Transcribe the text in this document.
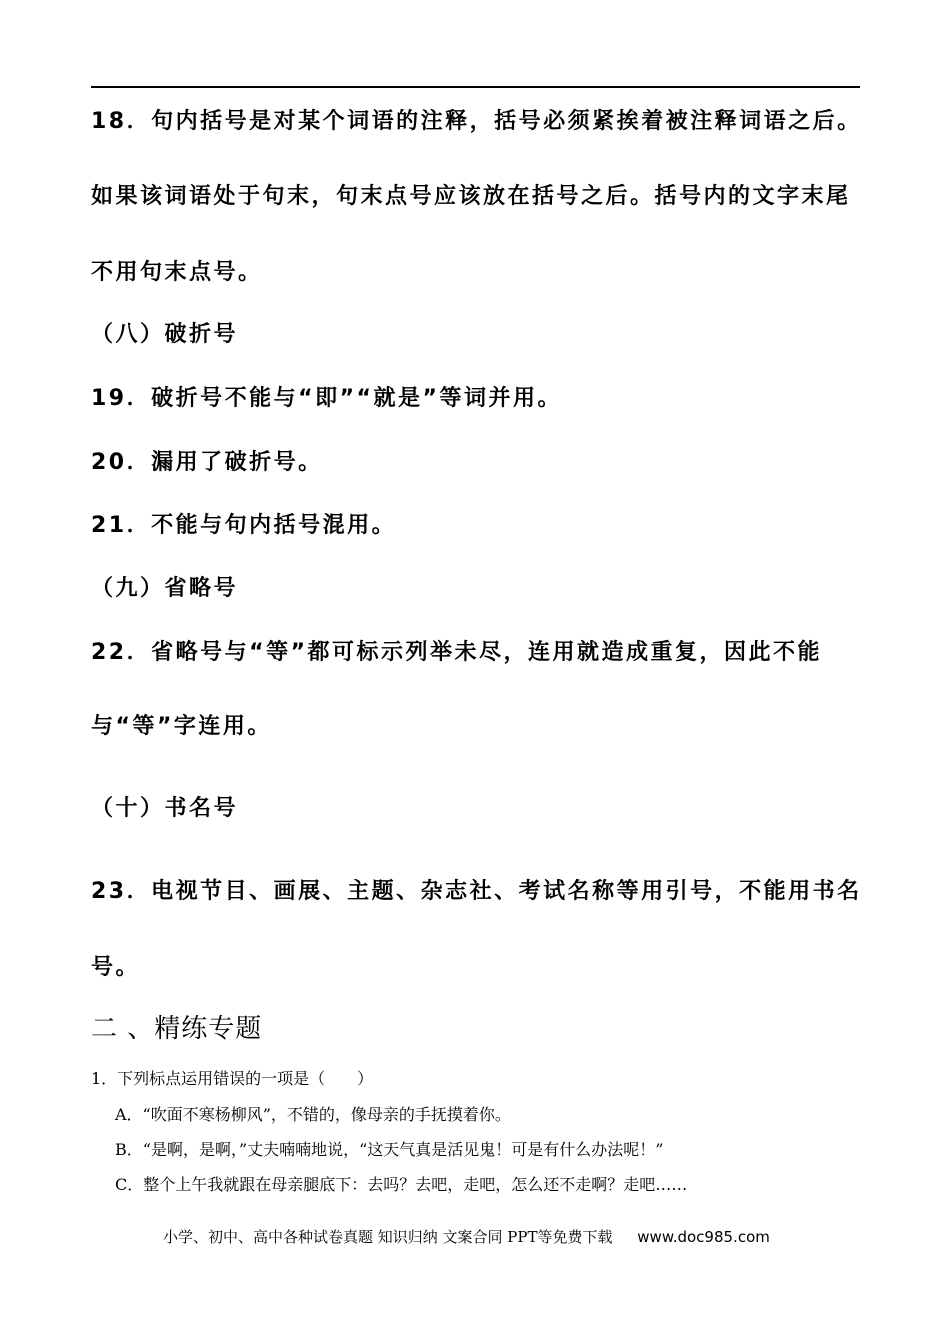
18．句内括号是对某个词语的注释，括号必须紧挨着被注释词语之后。
如果该词语处于句末，句末点号应该放在括号之后。括号内的文字末尾
不用句末点号。
（八）破折号
19．破折号不能与“即”“就是”等词并用。
20．漏用了破折号。
21．不能与句内括号混用。
（九）省略号
22．省略号与“等”都可标示列举未尽，连用就造成重复，因此不能
与“等”字连用。
（十）书名号
23．电视节目、画展、主题、杂志社、考试名称等用引号，不能用书名
号。
二 、精练专题
1．下列标点运用错误的一项是（　　）
A．“吹面不寒杨柳风”，不错的，像母亲的手抚摸着你。
B．“是啊，是啊，”丈夫喃喃地说，“这天气真是活见鬼！可是有什么办法呢！”
C．整个上午我就跟在母亲腿底下：去吗？去吧，走吧，怎么还不走啊？走吧……
小学、初中、高中各种试卷真题 知识归纳 文案合同 PPT等免费下载 www.doc985.com
